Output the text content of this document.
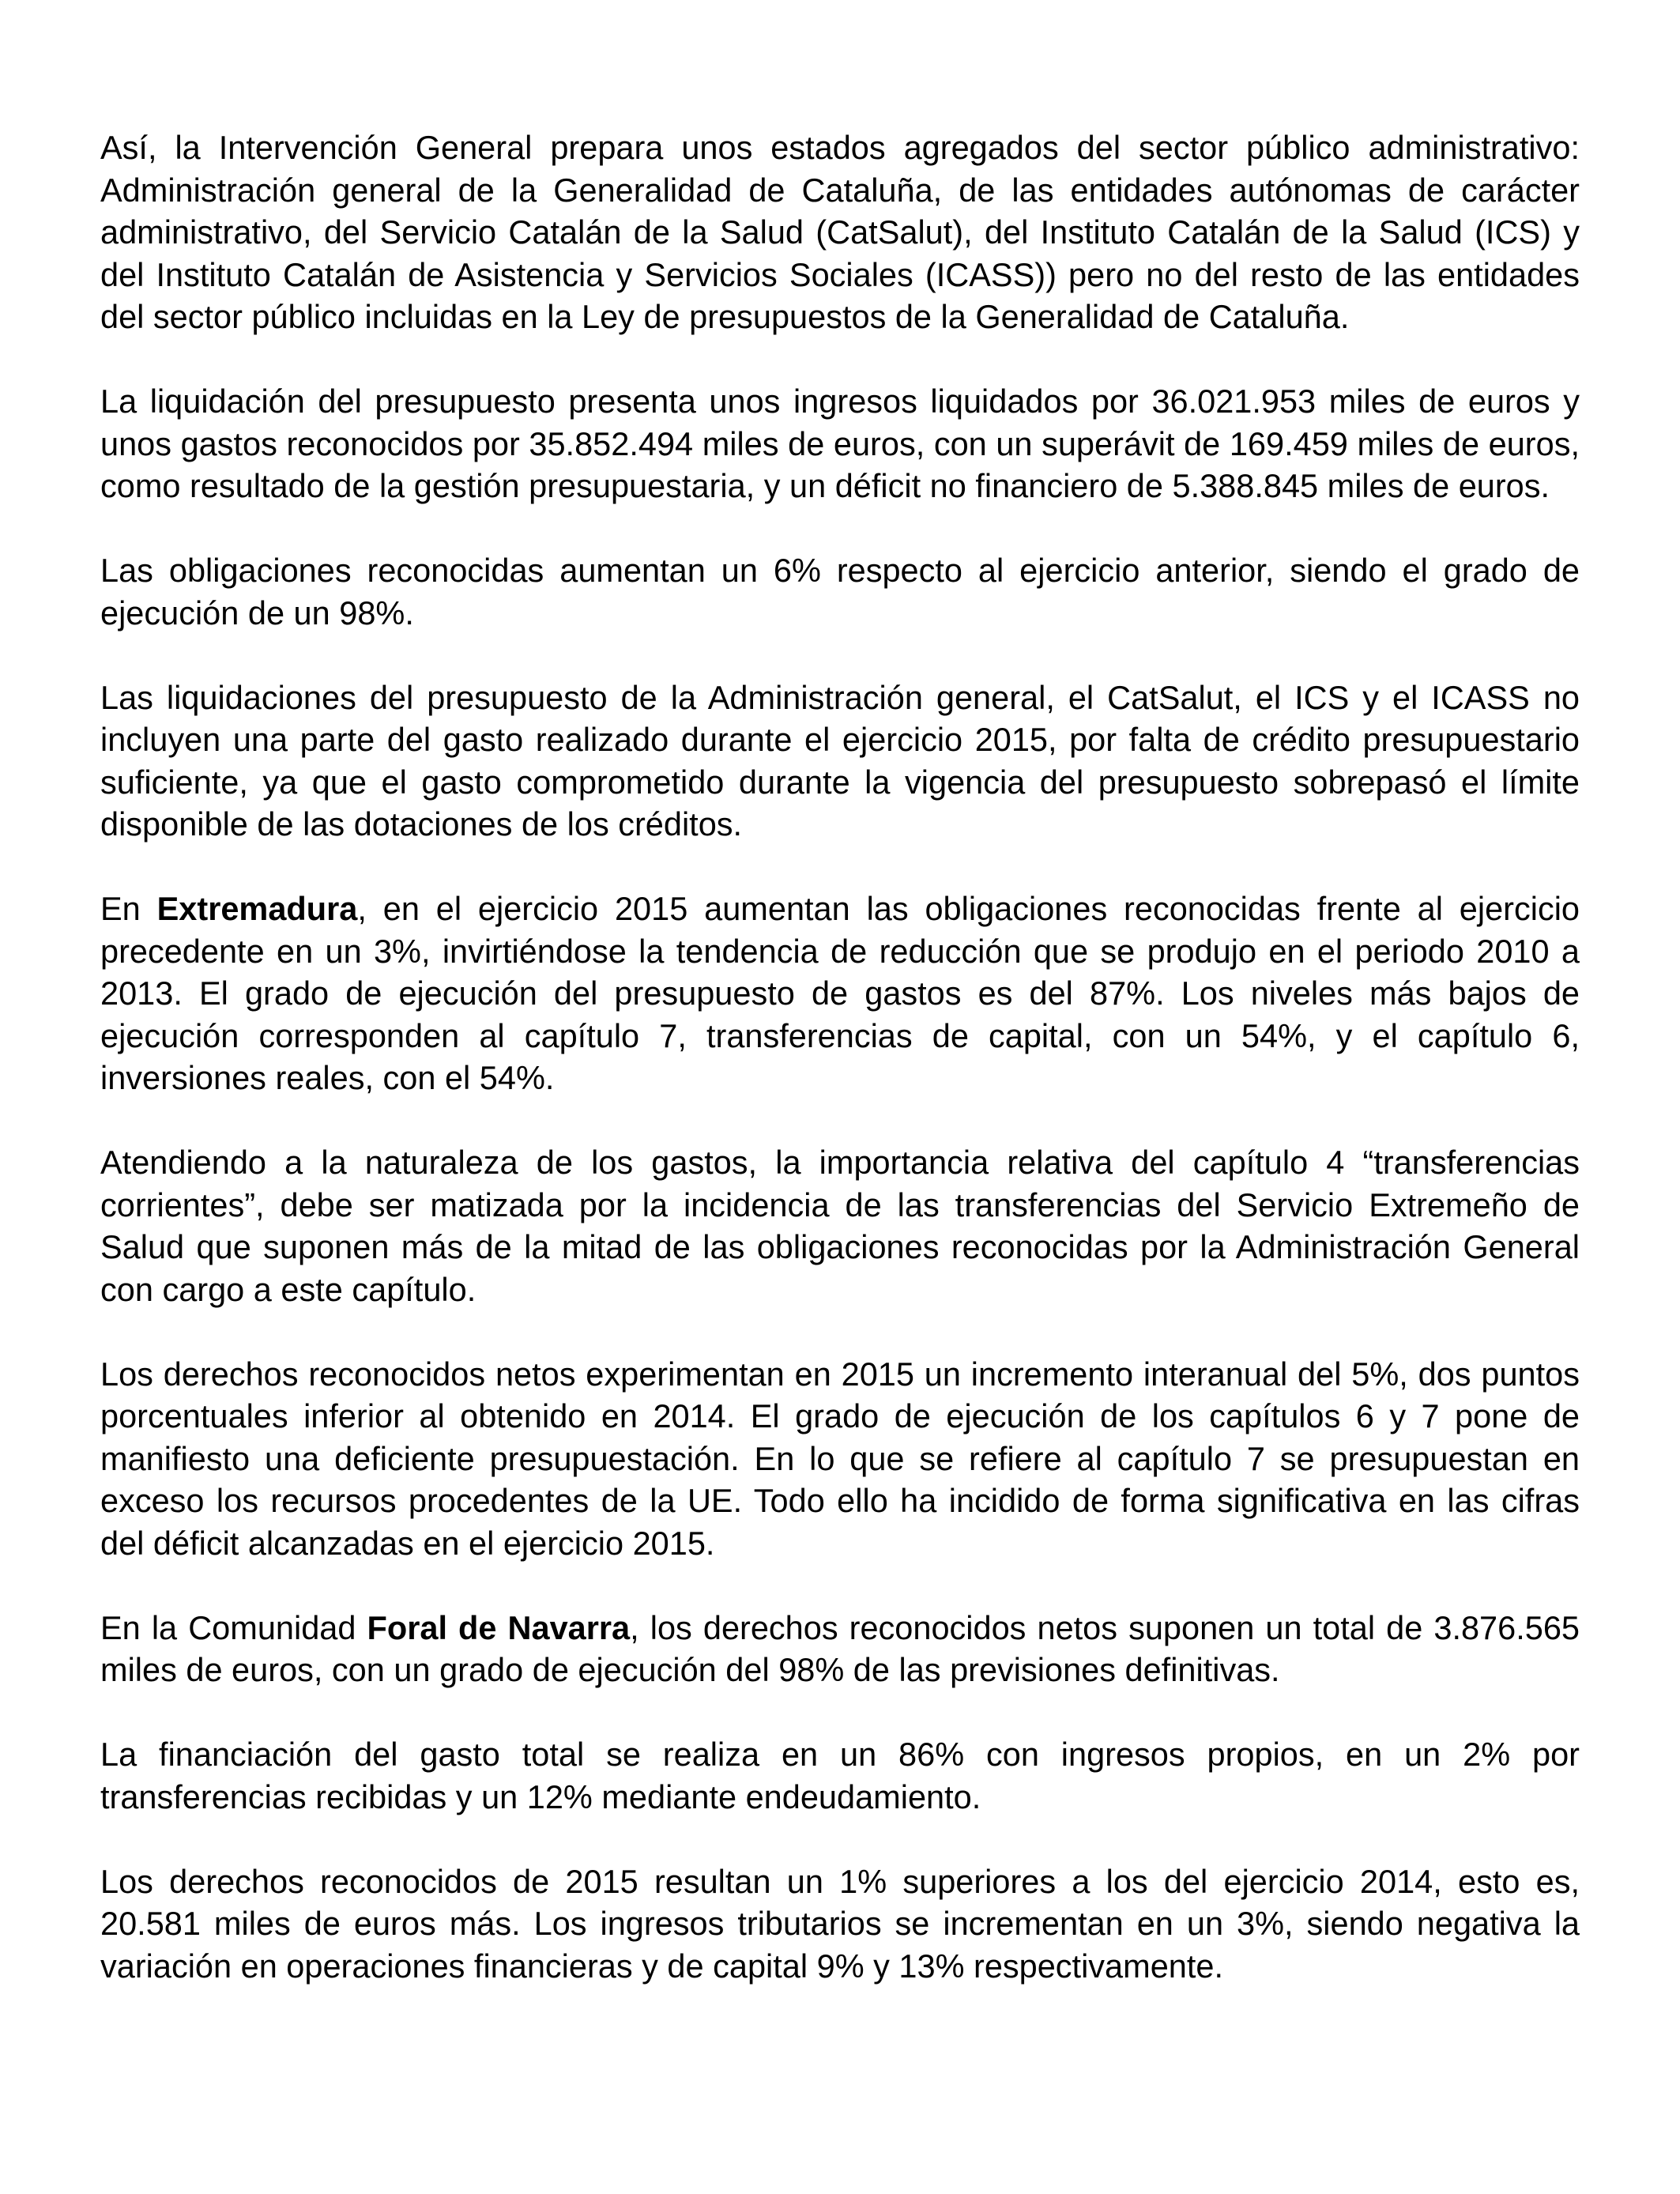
Así, la Intervención General prepara unos estados agregados del sector público administrativo: Administración general de la Generalidad de Cataluña, de las entidades autónomas de carácter administrativo, del Servicio Catalán de la Salud (CatSalut), del Instituto Catalán de la Salud (ICS) y del Instituto Catalán de Asistencia y Servicios Sociales (ICASS)) pero no del resto de las entidades del sector público incluidas en la Ley de presupuestos de la Generalidad de Cataluña.

La liquidación del presupuesto presenta unos ingresos liquidados por 36.021.953 miles de euros y unos gastos reconocidos por 35.852.494 miles de euros, con un superávit de 169.459 miles de euros, como resultado de la gestión presupuestaria, y un déficit no financiero de 5.388.845 miles de euros.

Las obligaciones reconocidas aumentan un 6% respecto al ejercicio anterior, siendo el grado de ejecución de un 98%.

Las liquidaciones del presupuesto de la Administración general, el CatSalut, el ICS y el ICASS no incluyen una parte del gasto realizado durante el ejercicio 2015, por falta de crédito presupuestario suficiente, ya que el gasto comprometido durante la vigencia del presupuesto sobrepasó el límite disponible de las dotaciones de los créditos.

En Extremadura, en el ejercicio 2015 aumentan las obligaciones reconocidas frente al ejercicio precedente en un 3%, invirtiéndose la tendencia de reducción que se produjo en el periodo 2010 a 2013. El grado de ejecución del presupuesto de gastos es del 87%. Los niveles más bajos de ejecución corresponden al capítulo 7, transferencias de capital, con un 54%, y el capítulo 6, inversiones reales, con el 54%.

Atendiendo a la naturaleza de los gastos, la importancia relativa del capítulo 4 “transferencias corrientes”, debe ser matizada por la incidencia de las transferencias del Servicio Extremeño de Salud que suponen más de la mitad de las obligaciones reconocidas por la Administración General con cargo a este capítulo.

Los derechos reconocidos netos experimentan en 2015 un incremento interanual del 5%, dos puntos porcentuales inferior al obtenido en 2014. El grado de ejecución de los capítulos 6 y 7 pone de manifiesto una deficiente presupuestación. En lo que se refiere al capítulo 7 se presupuestan en exceso los recursos procedentes de la UE. Todo ello ha incidido de forma significativa en las cifras del déficit alcanzadas en el ejercicio 2015.

En la Comunidad Foral de Navarra, los derechos reconocidos netos suponen un total de 3.876.565 miles de euros, con un grado de ejecución del 98% de las previsiones definitivas.

La financiación del gasto total se realiza en un 86% con ingresos propios, en un 2% por transferencias recibidas y un 12% mediante endeudamiento.

Los derechos reconocidos de 2015 resultan un 1% superiores a los del ejercicio 2014, esto es, 20.581 miles de euros más. Los ingresos tributarios se incrementan en un 3%, siendo negativa la variación en operaciones financieras y de capital 9% y 13% respectivamente.
